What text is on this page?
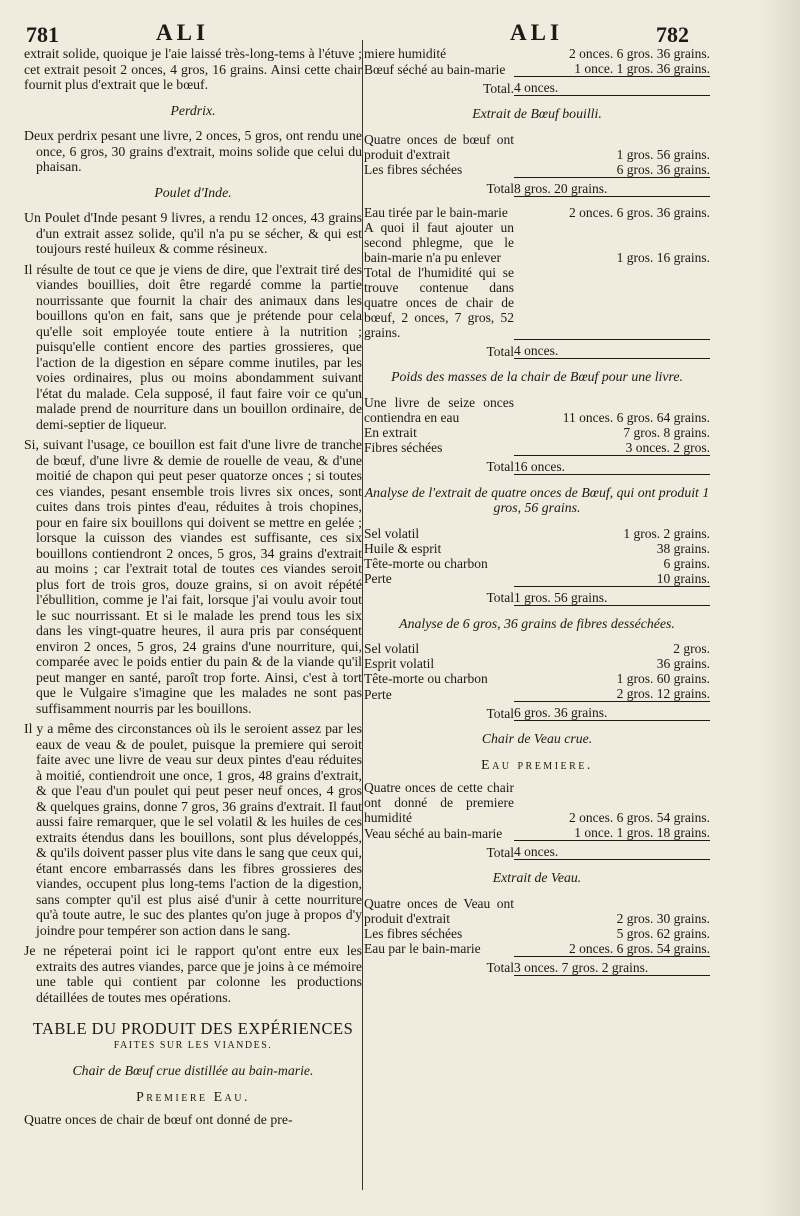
781	ALI	ALI	782

extrait solide, quoique je l'aie laissé très-long-tems à l'étuve ; cet extrait pesoit 2 onces, 4 gros, 16 grains. Ainsi cette chair fournit plus d'extrait que le bœuf.

Perdrix.

Deux perdrix pesant une livre, 2 onces, 5 gros, ont rendu une once, 6 gros, 30 grains d'extrait, moins solide que celui du phaisan.

Poulet d'Inde.

Un Poulet d'Inde pesant 9 livres, a rendu 12 onces, 43 grains d'un extrait assez solide, qu'il n'a pu se sécher, & qui est toujours resté huileux & comme résineux.

Il résulte de tout ce que je viens de dire, que l'extrait tiré des viandes bouillies, doit être regardé comme la partie nourrissante que fournit la chair des animaux dans les bouillons qu'on en fait, sans que je prétende pour cela qu'elle soit employée toute entiere à la nutrition ; puisqu'elle contient encore des parties grossieres, que l'action de la digestion en sépare comme inutiles, par les voies ordinaires, plus ou moins abondamment suivant l'état du malade. Cela supposé, il faut faire voir ce qu'un malade prend de nourriture dans un bouillon ordinaire, de demi-septier de liqueur.

Si, suivant l'usage, ce bouillon est fait d'une livre de tranche de bœuf, d'une livre & demie de rouelle de veau, & d'une moitié de chapon qui peut peser quatorze onces ; si toutes ces viandes, pesant ensemble trois livres six onces, sont cuites dans trois pintes d'eau, réduites à trois chopines, pour en faire six bouillons qui doivent se mettre en gelée ; lorsque la cuisson des viandes est suffisante, ces six bouillons contiendront 2 onces, 5 gros, 34 grains d'extrait au moins ; car l'extrait total de toutes ces viandes seroit plus fort de trois gros, douze grains, si on avoit répété l'ébullition, comme je l'ai fait, lorsque j'ai voulu avoir tout le suc nourrissant. Et si le malade les prend tous les six dans les vingt-quatre heures, il aura pris par conséquent environ 2 onces, 5 gros, 24 grains d'une nourriture, qui, comparée avec le poids entier du pain & de la viande qu'il peut manger en santé, paroît trop forte. Ainsi, c'est à tort que le Vulgaire s'imagine que les malades ne sont pas suffisamment nourris par les bouillons.

Il y a même des circonstances où ils le seroient assez par les eaux de veau & de poulet, puisque la premiere qui seroit faite avec une livre de veau sur deux pintes d'eau réduites à moitié, contiendroit une once, 1 gros, 48 grains d'extrait, & que l'eau d'un poulet qui peut peser neuf onces, 4 gros & quelques grains, donne 7 gros, 36 grains d'extrait. Il faut aussi faire remarquer, que le sel volatil & les huiles de ces extraits étendus dans les bouillons, sont plus développés, & qu'ils doivent passer plus vite dans le sang que ceux qui, étant encore embarrassés dans les fibres grossieres des viandes, occupent plus long-tems l'action de la digestion, sans compter qu'il est plus aisé d'unir à cette nourriture qu'à toute autre, le suc des plantes qu'on juge à propos d'y joindre pour tempérer son action dans le sang.

Je ne répeterai point ici le rapport qu'ont entre eux les extraits des autres viandes, parce que je joins à ce mémoire une table qui contient par colonne les productions détaillées de toutes mes opérations.

TABLE DU PRODUIT DES EXPÉRIENCES
FAITES SUR LES VIANDES.
Chair de Bœuf crue distillée au bain-marie.
Premiere Eau.

Quatre onces de chair de bœuf ont donné de pre-

miere humidité	2 onces. 6 gros. 36 grains.
Bœuf séché au bain-marie	1 once. 1 gros. 36 grains.
Total.	4 onces.
Extrait de Bœuf bouilli.
Quatre onces de bœuf ont produit d'extrait	1 gros. 56 grains.
Les fibres séchées	6 gros. 36 grains.
Total	8 gros. 20 grains.
Eau tirée par le bain-marie	2 onces. 6 gros. 36 grains.
A quoi il faut ajouter un second phlegme, que le bain-marie n'a pu enlever	1 gros. 16 grains.
Total de l'humidité qui se trouve contenue dans quatre onces de chair de bœuf, 2 onces, 7 gros, 52 grains.	
Total	4 onces.
Poids des masses de la chair de Bœuf pour une livre.
Une livre de seize onces contiendra en eau	11 onces. 6 gros. 64 grains.
En extrait	7 gros. 8 grains.
Fibres séchées	3 onces. 2 gros.
Total	16 onces.
Analyse de l'extrait de quatre onces de Bœuf, qui ont produit 1 gros, 56 grains.
Sel volatil	1 gros. 2 grains.
Huile & esprit	38 grains.
Tête-morte ou charbon	6 grains.
Perte	10 grains.
Total	1 gros. 56 grains.
Analyse de 6 gros, 36 grains de fibres desséchées.
Sel volatil	2 gros.
Esprit volatil	36 grains.
Tête-morte ou charbon	1 gros. 60 grains.
Perte	2 gros. 12 grains.
Total	6 gros. 36 grains.
Chair de Veau crue.
Eau premiere.
Quatre onces de cette chair ont donné de premiere humidité	2 onces. 6 gros. 54 grains.
Veau séché au bain-marie	1 once. 1 gros. 18 grains.
Total	4 onces.
Extrait de Veau.
Quatre onces de Veau ont produit d'extrait	2 gros. 30 grains.
Les fibres séchées	5 gros. 62 grains.
Eau par le bain-marie	2 onces. 6 gros. 54 grains.
Total	3 onces. 7 gros. 2 grains.
